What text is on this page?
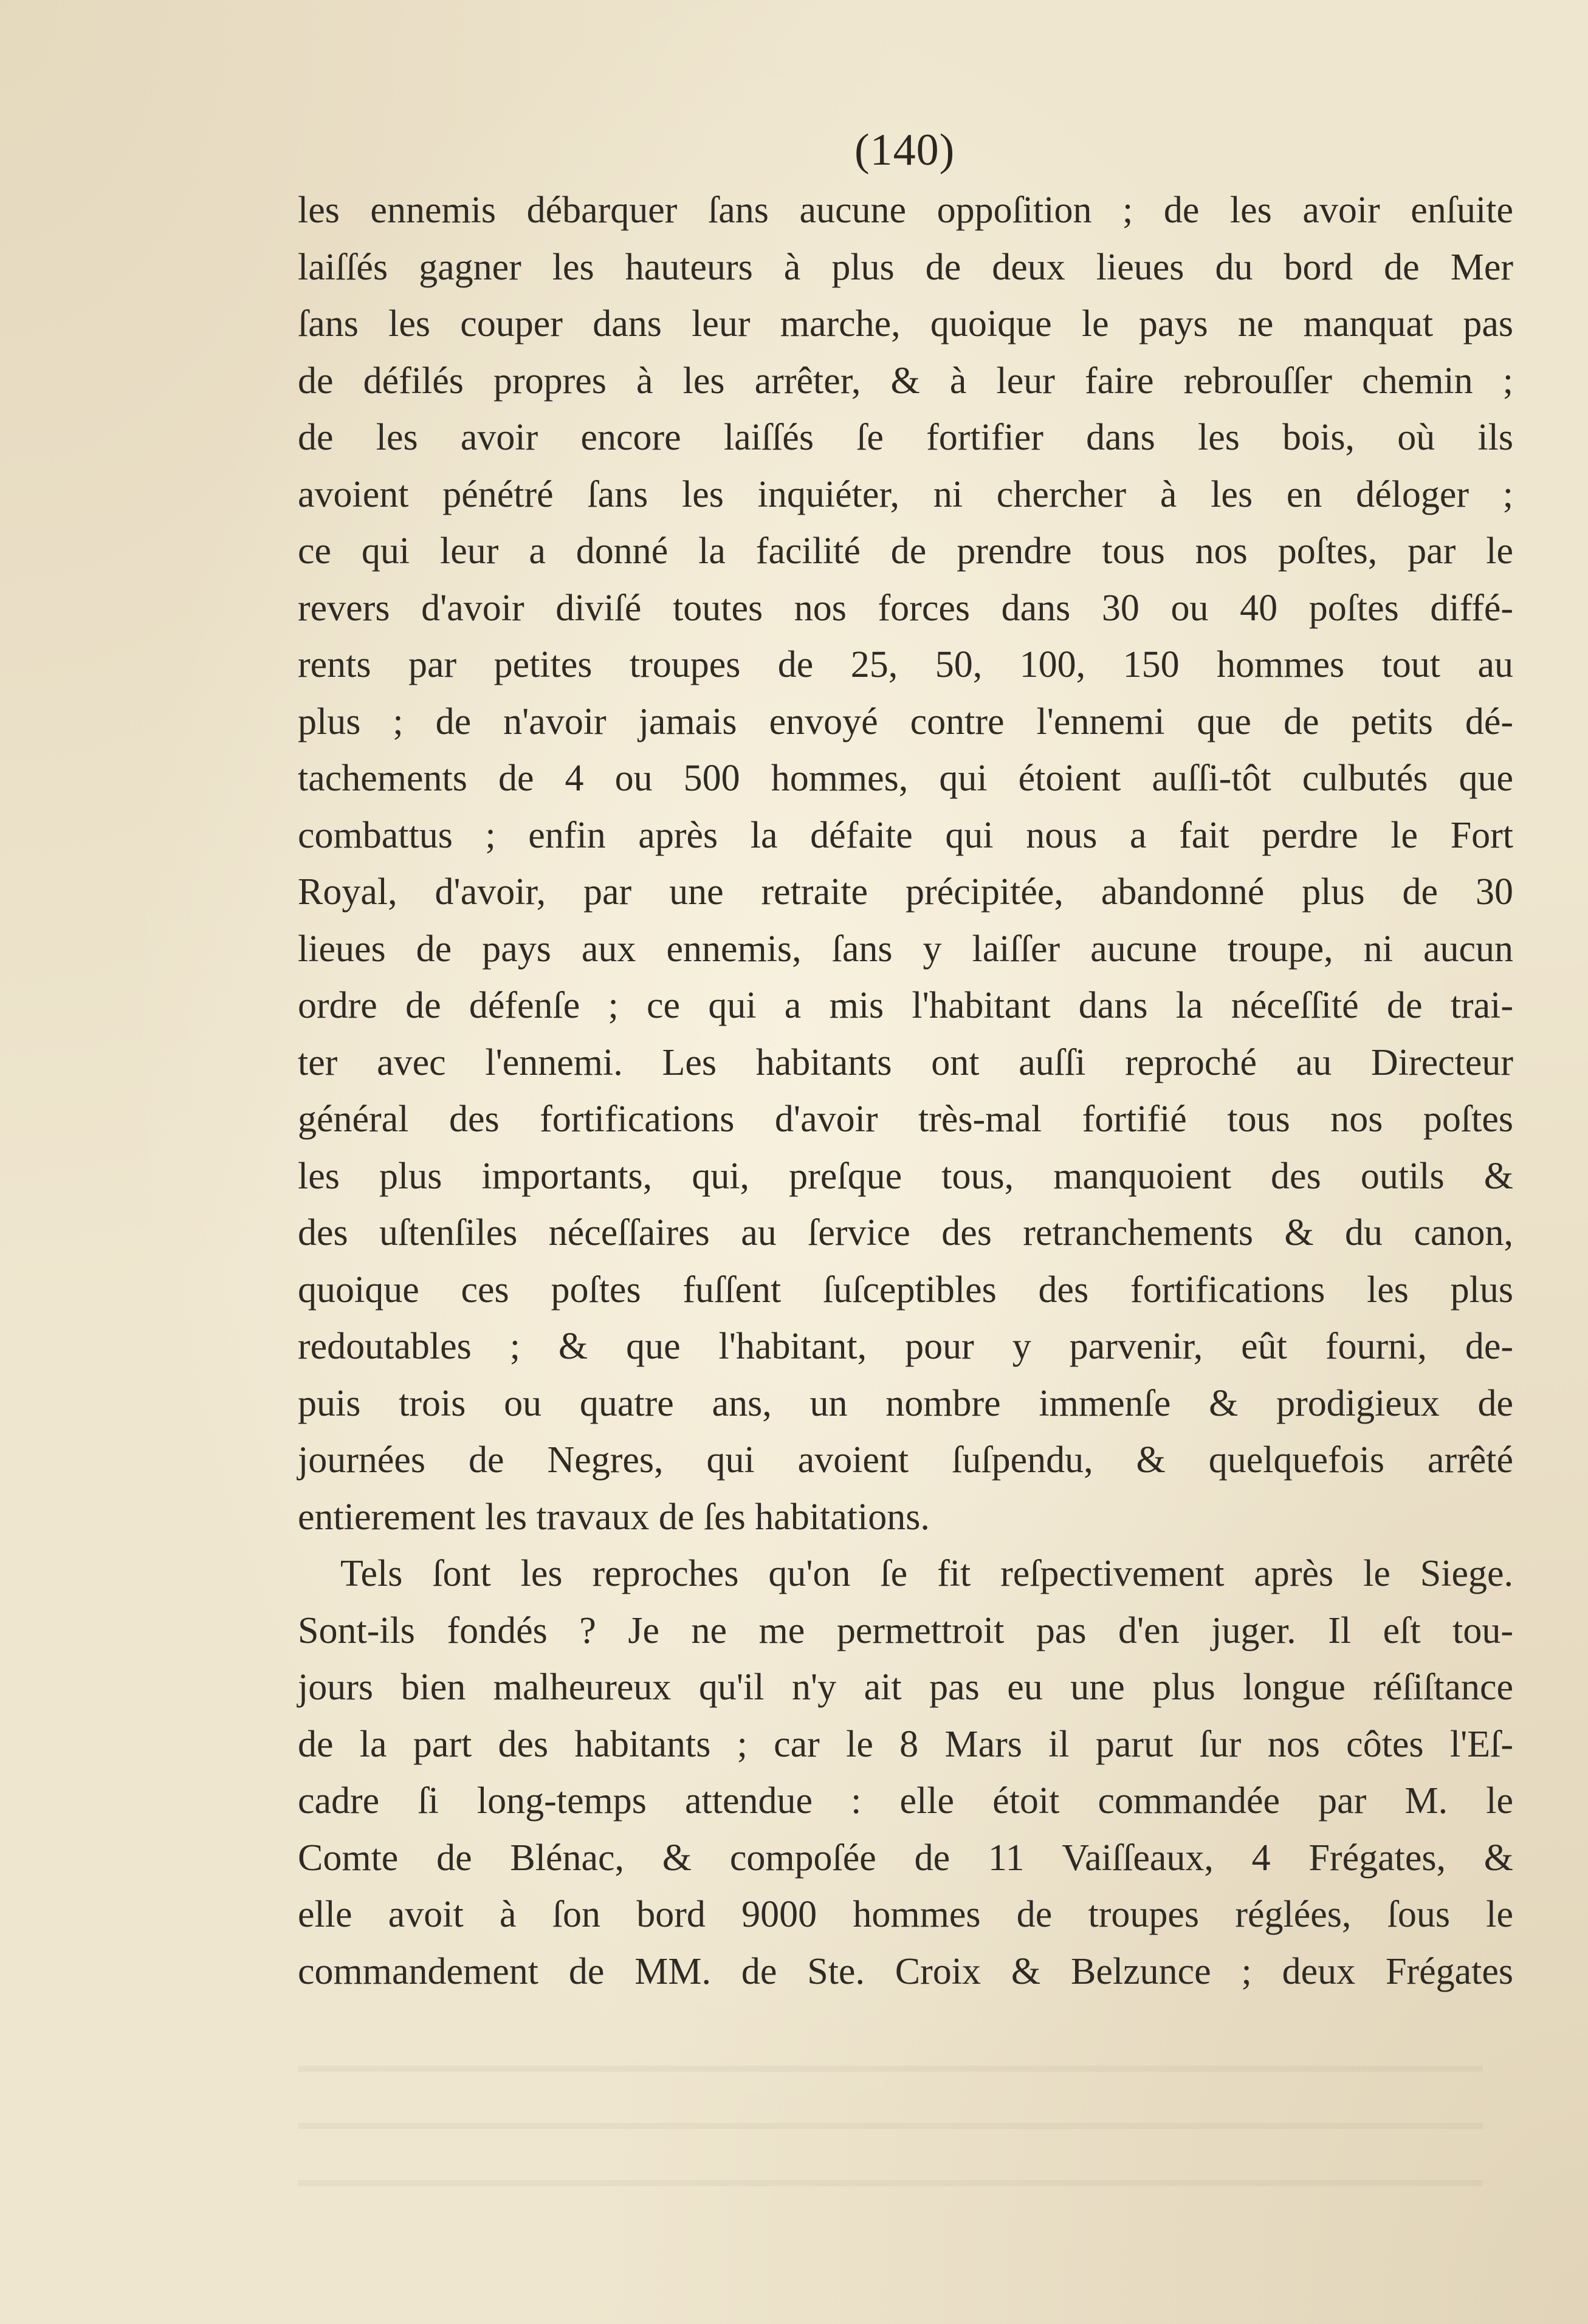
(140)
les ennemis débarquer ſans aucune oppoſition ; de les avoir enſuite
laiſſés gagner les hauteurs à plus de deux lieues du bord de Mer
ſans les couper dans leur marche, quoique le pays ne manquat pas
de défilés propres à les arrêter, & à leur faire rebrouſſer chemin ;
de les avoir encore laiſſés ſe fortifier dans les bois, où ils
avoient pénétré ſans les inquiéter, ni chercher à les en déloger ;
ce qui leur a donné la facilité de prendre tous nos poſtes, par le
revers d'avoir diviſé toutes nos forces dans 30 ou 40 poſtes diffé-
rents par petites troupes de 25, 50, 100, 150 hommes tout au
plus ; de n'avoir jamais envoyé contre l'ennemi que de petits dé-
tachements de 4 ou 500 hommes, qui étoient auſſi-tôt culbutés que
combattus ; enfin après la défaite qui nous a fait perdre le Fort
Royal, d'avoir, par une retraite précipitée, abandonné plus de 30
lieues de pays aux ennemis, ſans y laiſſer aucune troupe, ni aucun
ordre de défenſe ; ce qui a mis l'habitant dans la néceſſité de trai-
ter avec l'ennemi. Les habitants ont auſſi reproché au Directeur
général des fortifications d'avoir très-mal fortifié tous nos poſtes
les plus importants, qui, preſque tous, manquoient des outils &
des uſtenſiles néceſſaires au ſervice des retranchements & du canon,
quoique ces poſtes fuſſent ſuſceptibles des fortifications les plus
redoutables ; & que l'habitant, pour y parvenir, eût fourni, de-
puis trois ou quatre ans, un nombre immenſe & prodigieux de
journées de Negres, qui avoient ſuſpendu, & quelquefois arrêté
entierement les travaux de ſes habitations.
Tels ſont les reproches qu'on ſe fit reſpectivement après le Siege.
Sont-ils fondés ? Je ne me permettroit pas d'en juger. Il eſt tou-
jours bien malheureux qu'il n'y ait pas eu une plus longue réſiſtance
de la part des habitants ; car le 8 Mars il parut ſur nos côtes l'Eſ-
cadre ſi long-temps attendue : elle étoit commandée par M. le
Comte de Blénac, & compoſée de 11 Vaiſſeaux, 4 Frégates, &
elle avoit à ſon bord 9000 hommes de troupes réglées, ſous le
commandement de MM. de Ste. Croix & Belzunce ; deux Frégates
